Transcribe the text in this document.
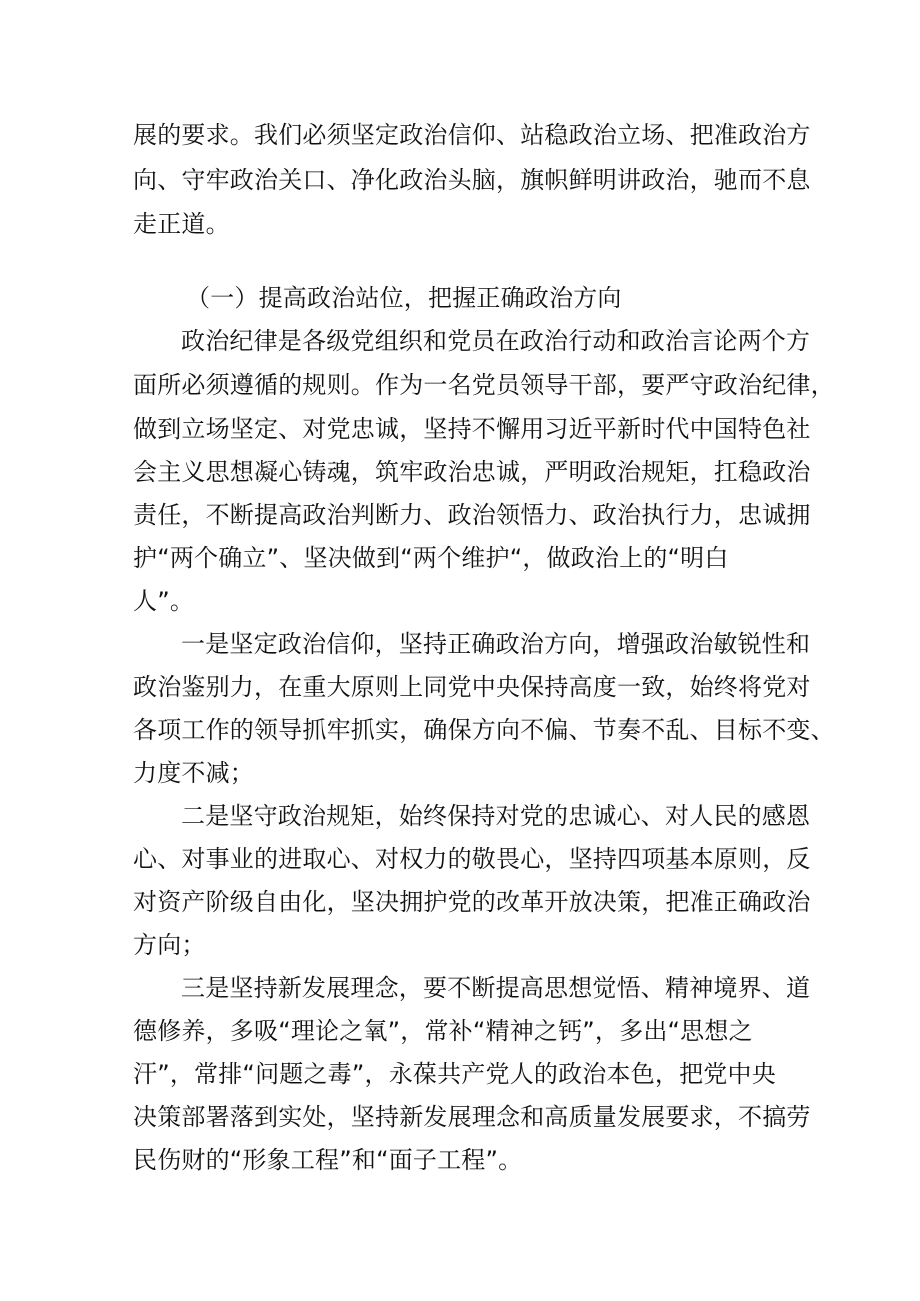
展的要求。我们必须坚定政治信仰、站稳政治立场、把准政治方
向、守牢政治关口、净化政治头脑，旗帜鲜明讲政治，驰而不息
走正道。
（一）提高政治站位，把握正确政治方向
政治纪律是各级党组织和党员在政治行动和政治言论两个方
面所必须遵循的规则。作为一名党员领导干部，要严守政治纪律，
做到立场坚定、对党忠诚，坚持不懈用习近平新时代中国特色社
会主义思想凝心铸魂，筑牢政治忠诚，严明政治规矩，扛稳政治
责任，不断提高政治判断力、政治领悟力、政治执行力，忠诚拥
护“两个确立”、坚决做到“两个维护“，做政治上的“明白
人”。
一是坚定政治信仰，坚持正确政治方向，增强政治敏锐性和
政治鉴别力，在重大原则上同党中央保持高度一致，始终将党对
各项工作的领导抓牢抓实，确保方向不偏、节奏不乱、目标不变、
力度不减；
二是坚守政治规矩，始终保持对党的忠诚心、对人民的感恩
心、对事业的进取心、对权力的敬畏心，坚持四项基本原则，反
对资产阶级自由化，坚决拥护党的改革开放决策，把准正确政治
方向；
三是坚持新发展理念，要不断提高思想觉悟、精神境界、道
德修养，多吸“理论之氧”，常补“精神之钙”，多出“思想之
汗”，常排“问题之毒”，永葆共产党人的政治本色，把党中央
决策部署落到实处，坚持新发展理念和高质量发展要求，不搞劳
民伤财的“形象工程”和“面子工程”。
